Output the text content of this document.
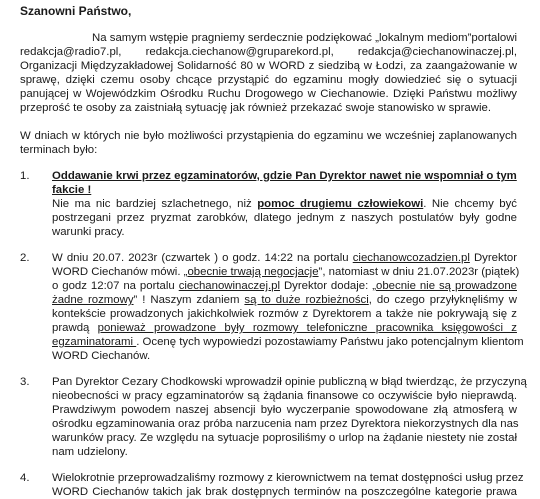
Szanowni Państwo,
Na samym wstępie pragniemy serdecznie podziękować „lokalnym mediom”portalowi
redakcja@radio7.pl, redakcja.ciechanow@gruparekord.pl, redakcja@ciechanowinaczej.pl,
Organizacji Międzyzakładowej Solidarność 80 w WORD z siedzibą w Łodzi, za zaangażowanie w
sprawę, dzięki czemu osoby chcące przystąpić do egzaminu mogły dowiedzieć się o sytuacji
panującej w Wojewódzkim Ośrodku Ruchu Drogowego w Ciechanowie. Dzięki Państwu możliwy
przeprość te osoby za zaistniałą sytuację jak również przekazać swoje stanowisko w sprawie.
W dniach w których nie było możliwości przystąpienia do egzaminu we wcześniej zaplanowanych
terminach było:
1. Oddawanie krwi przez egzaminatorów, gdzie Pan Dyrektor nawet nie wspomniał o tym
fakcie !
Nie ma nic bardziej szlachetnego, niż pomoc drugiemu człowiekowi. Nie chcemy być
postrzegani przez pryzmat zarobków, dlatego jednym z naszych postulatów były godne
warunki pracy.
2. W dniu 20.07. 2023r (czwartek ) o godz. 14:22 na portalu ciechanowcozadzien.pl Dyrektor
WORD Ciechanów mówi. „obecnie trwają negocjacje”, natomiast w dniu 21.07.2023r (piątek)
o godz 12:07 na portalu ciechanowinaczej.pl Dyrektor dodaje: „obecnie nie są prowadzone
żadne rozmowy” ! Naszym zdaniem są to duże rozbieżności, do czego przyłyknęliśmy w
kontekście prowadzonych jakichkolwiek rozmów z Dyrektorem a także nie pokrywają się z
prawdą ponieważ prowadzone były rozmowy telefoniczne pracownika księgowości z
egzaminatorami . Ocenę tych wypowiedzi pozostawiamy Państwu jako potencjalnym klientom
WORD Ciechanów.
3. Pan Dyrektor Cezary Chodkowski wprowadził opinie publiczną w błąd twierdząc, że przyczyną
nieobecności w pracy egzaminatorów są żądania finansowe co oczywiście było nieprawdą.
Prawdziwym powodem naszej absencji było wyczerpanie spowodowane złą atmosferą w
ośrodku egzaminowania oraz próba narzucenia nam przez Dyrektora niekorzystnych dla nas
warunków pracy. Ze względu na sytuacje poprosiliśmy o urlop na żądanie niestety nie został
nam udzielony.
4. Wielokrotnie przeprowadzaliśmy rozmowy z kierownictwem na temat dostępności usług przez
WORD Ciechanów takich jak brak dostępnych terminów na poszczególne kategorie prawa
